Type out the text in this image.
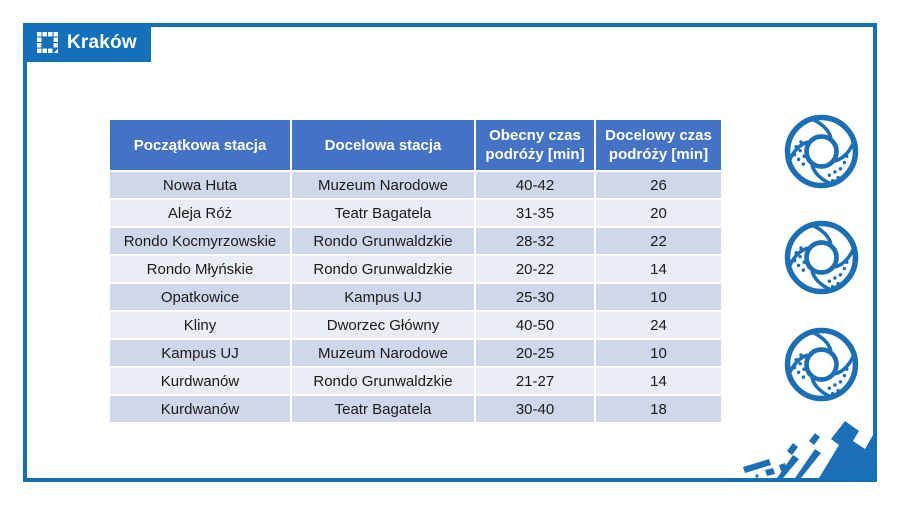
Kraków
Początkowa stacja	Docelowa stacja	Obecny czas podróży [min]	Docelowy czas podróży [min]
Nowa Huta	Muzeum Narodowe	40-42	26
Aleja Róż	Teatr Bagatela	31-35	20
Rondo Kocmyrzowskie	Rondo Grunwaldzkie	28-32	22
Rondo Młyńskie	Rondo Grunwaldzkie	20-22	14
Opatkowice	Kampus UJ	25-30	10
Kliny	Dworzec Główny	40-50	24
Kampus UJ	Muzeum Narodowe	20-25	10
Kurdwanów	Rondo Grunwaldzkie	21-27	14
Kurdwanów	Teatr Bagatela	30-40	18
